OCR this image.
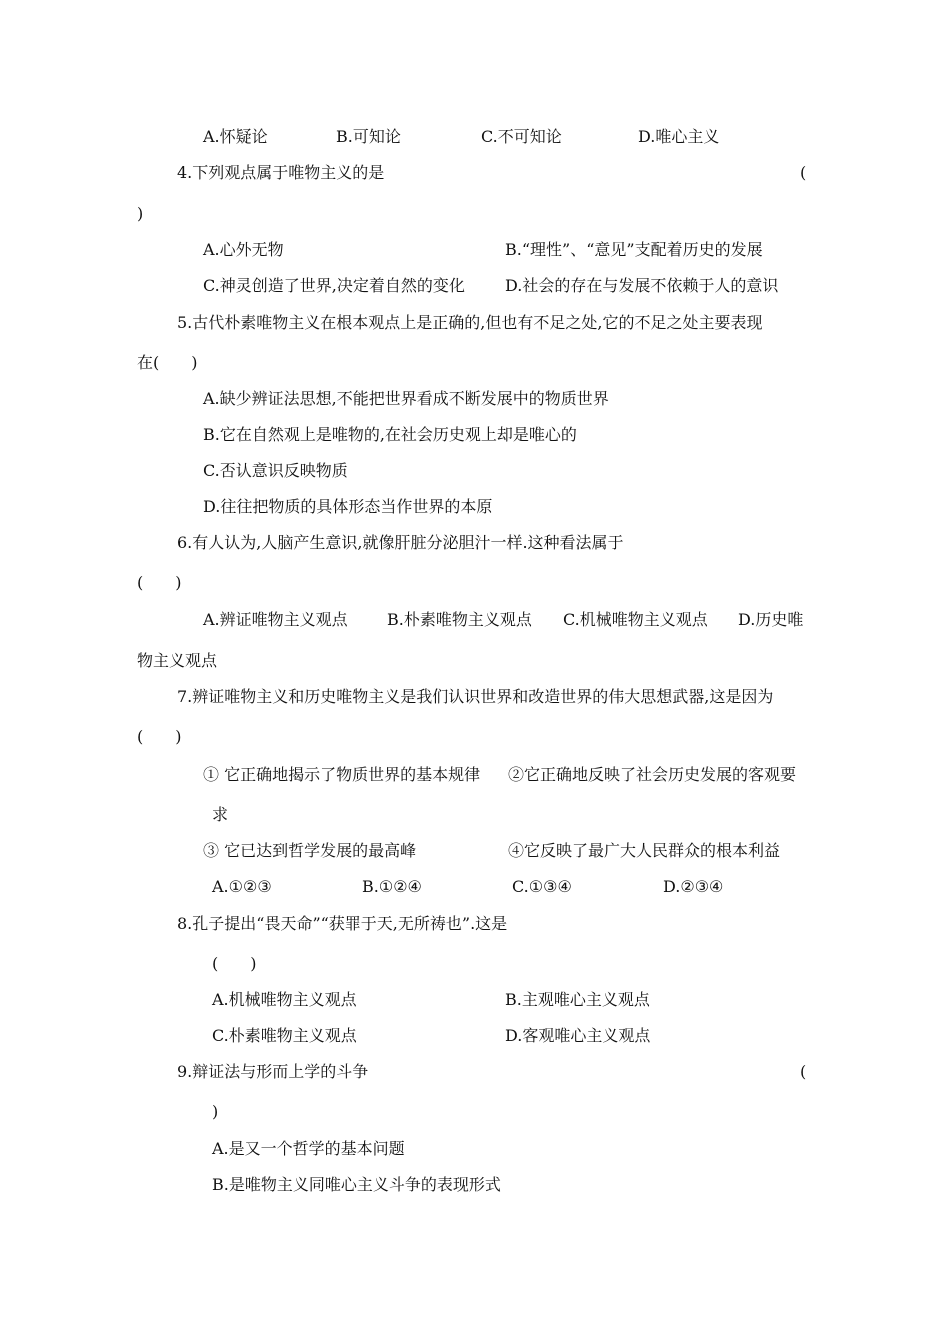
A.怀疑论	B.可知论	C.不可知论	D.唯心主义
4.下列观点属于唯物主义的是	(
)
A.心外无物	B.“理性”、“意见”支配着历史的发展
C.神灵创造了世界,决定着自然的变化	D.社会的存在与发展不依赖于人的意识
5.古代朴素唯物主义在根本观点上是正确的,但也有不足之处,它的不足之处主要表现
在(　　)
A.缺少辨证法思想,不能把世界看成不断发展中的物质世界
B.它在自然观上是唯物的,在社会历史观上却是唯心的
C.否认意识反映物质
D.往往把物质的具体形态当作世界的本原
6.有人认为,人脑产生意识,就像肝脏分泌胆汁一样.这种看法属于
(　　)
A.辨证唯物主义观点 B.朴素唯物主义观点 C.机械唯物主义观点 D.历史唯
物主义观点
7.辨证唯物主义和历史唯物主义是我们认识世界和改造世界的伟大思想武器,这是因为
(　　)
① 它正确地揭示了物质世界的基本规律 ②它正确地反映了社会历史发展的客观要
求
③ 它已达到哲学发展的最高峰	④它反映了最广大人民群众的根本利益
A.①②③	B.①②④	C.①③④	D.②③④
8.孔子提出“畏天命”“获罪于天,无所祷也”.这是
(　　)
A.机械唯物主义观点	B.主观唯心主义观点
C.朴素唯物主义观点	D.客观唯心主义观点
9.辩证法与形而上学的斗争	(
)
A.是又一个哲学的基本问题
B.是唯物主义同唯心主义斗争的表现形式
